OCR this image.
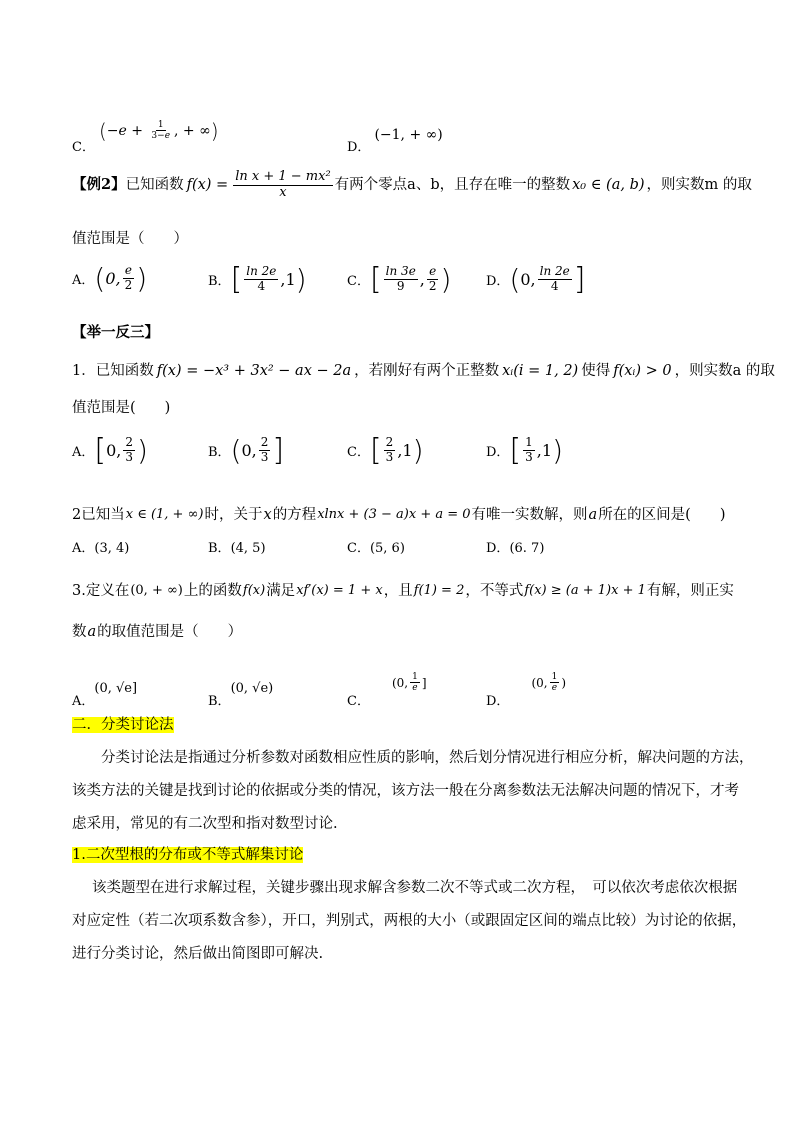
C．
($-e + \frac{1}{3-e}$ , + ∞)
D．
(−1, + ∞)
【例2】 已知函数 $f(x) = \frac{\text{ln x + 1 − mx²}}{x}$ 有两个零点a、b，且存在唯一的整数 x₀ ∈ (a, b) ，则实数m 的取
值范围是（　　）
A． ( 0, $\frac{e}{2}$ )	B． [ $\frac{\ln 2e}{4} ,1$ )	C． [ $\frac{\ln 3e}{9}$ , $\frac{e}{2}$ )	D． ( 0, $\frac{\ln 2e}{4}$ ]
【举一反三】
1．已知函数 f(x) = −x³ + 3x² − ax − 2a ，若刚好有两个正整数 xᵢ(i = 1, 2) 使得 f(xᵢ) > 0 ，则实数a 的取
值范围是(　　)
A． [ 0, $\frac{2}{3}$ )	B． ( 0, $\frac{2}{3}$ ]	C． [ $\frac{2}{3} ,1$ )	D． [ $\frac{1}{3} ,1$ )
2已知当 x ∈ (1, + ∞) 时，关于 x 的方程 xlnx + (3 − a)x + a = 0 有唯一实数解，则 a 所在的区间是(　　)
A．(3, 4)	B．(4, 5)	C．(5, 6)	D．(6. 7)
3.定义在 (0, + ∞) 上的函数 f(x) 满足 xf′(x) = 1 + x ，且 f(1) = 2 ，不等式 f(x) ≥ (a + 1)x + 1 有解，则正实
数 a 的取值范围是（　　）
A．
(0, √e]
B．
(0, √e)
C．
(0, $\frac{1}{e}$ ]
D．
(0, $\frac{1}{e}$ )
二．分类讨论法
分类讨论法是指通过分析参数对函数相应性质的影响，然后划分情况进行相应分析，解决问题的方法，
该类方法的关键是找到讨论的依据或分类的情况，该方法一般在分离参数法无法解决问题的情况下，才考
虑采用，常见的有二次型和指对数型讨论.
1.二次型根的分布或不等式解集讨论
该类题型在进行求解过程，关键步骤出现求解含参数二次不等式或二次方程，　可以依次考虑依次根据
对应定性（若二次项系数含参），开口，判别式，两根的大小（或跟固定区间的端点比较）为讨论的依据，
进行分类讨论，然后做出简图即可解决.
